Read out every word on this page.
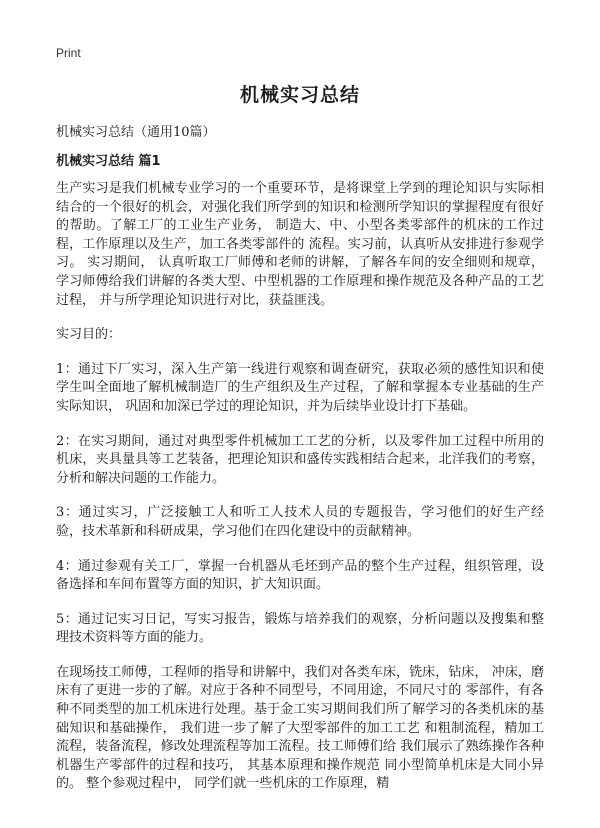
Print
机械实习总结
机械实习总结（通用10篇）
机械实习总结 篇1

生产实习是我们机械专业学习的一个重要环节，是将课堂上学到的理论知识与实际相结合的一个很好的机会，对强化我们所学到的知识和检测所学知识的掌握程度有很好的帮助。了解工厂的工业生产业务， 制造大、中、小型各类零部件的机床的工作过程，工作原理以及生产，加工各类零部件的 流程。实习前，认真听从安排进行参观学习。 实习期间， 认真听取工厂师傅和老师的讲解，了解各车间的安全细则和规章，学习师傅给我们讲解的各类大型、中型机器的工作原理和操作规范及各种产品的工艺过程， 并与所学理论知识进行对比，获益匪浅。

实习目的：

1：通过下厂实习，深入生产第一线进行观察和调查研究，获取必须的感性知识和使学生叫全面地了解机械制造厂的生产组织及生产过程，了解和掌握本专业基础的生产实际知识， 巩固和加深已学过的理论知识，并为后续毕业设计打下基础。

2：在实习期间，通过对典型零件机械加工工艺的分析，以及零件加工过程中所用的机床，夹具量具等工艺装备，把理论知识和盛传实践相结合起来，北洋我们的考察，分析和解决问题的工作能力。

3：通过实习，广泛接触工人和听工人技术人员的专题报告，学习他们的好生产经验，技术革新和科研成果，学习他们在四化建设中的贡献精神。

4：通过参观有关工厂，掌握一台机器从毛坯到产品的整个生产过程，组织管理，设备选择和车间布置等方面的知识，扩大知识面。

5：通过记实习日记，写实习报告，锻炼与培养我们的观察，分析问题以及搜集和整理技术资料等方面的能力。

在现场技工师傅，工程师的指导和讲解中，我们对各类车床，铣床，钻床， 冲床，磨床有了更进一步的了解。对应于各种不同型号，不同用途，不同尺寸的 零部件，有各种不同类型的加工机床进行处理。基于金工实习期间我们所了解学习的各类机床的基础知识和基础操作， 我们进一步了解了大型零部件的加工工艺 和粗制流程，精加工流程，装备流程，修改处理流程等加工流程。技工师傅们给 我们展示了熟练操作各种机器生产零部件的过程和技巧， 其基本原理和操作规范 同小型简单机床是大同小异的。 整个参观过程中， 同学们就一些机床的工作原理，精
